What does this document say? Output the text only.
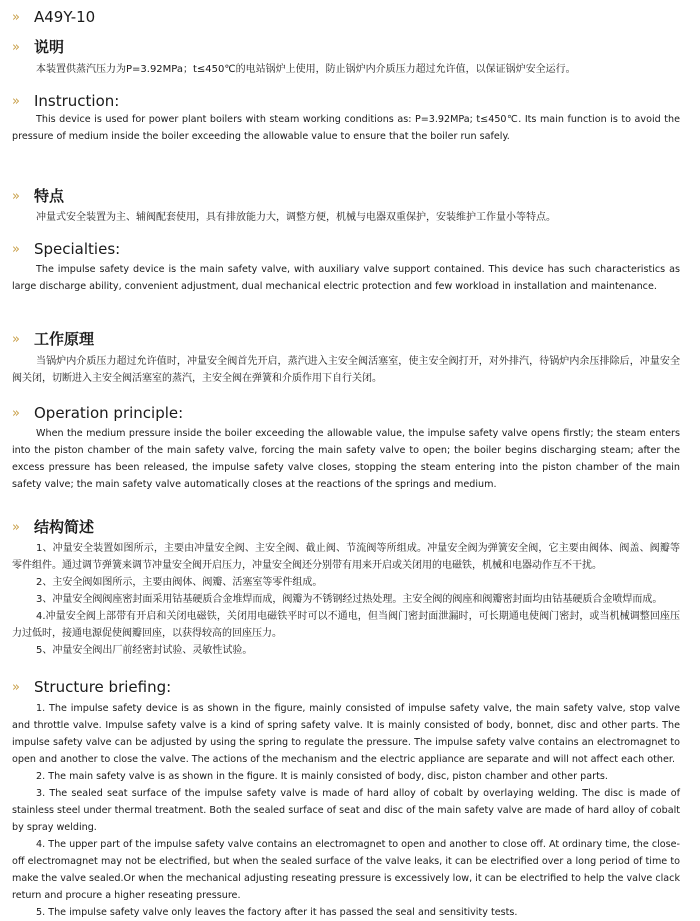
»	A49Y-10
»	说明

本装置供蒸汽压力为P=3.92MPa；t≤450℃的电站锅炉上使用，防止锅炉内介质压力超过允许值，以保证锅炉安全运行。

»	Instruction:

This device is used for power plant boilers with steam working conditions as: P=3.92MPa; t≤450℃. Its main function is to avoid the pressure of medium inside the boiler exceeding the allowable value to ensure that the boiler run safely.

»	特点

冲量式安全装置为主、辅阀配套使用，具有排放能力大，调整方便，机械与电器双重保护，安装维护工作量小等特点。

»	Specialties:

The impulse safety device is the main safety valve, with auxiliary valve support contained. This device has such characteristics as large discharge ability, convenient adjustment, dual mechanical electric protection and few workload in installation and maintenance.

»	工作原理

当锅炉内介质压力超过允许值时，冲量安全阀首先开启，蒸汽进入主安全阀活塞室，使主安全阀打开，对外排汽，待锅炉内余压排除后，冲量安全阀关闭，切断进入主安全阀活塞室的蒸汽，主安全阀在弹簧和介质作用下自行关闭。

»	Operation principle:

When the medium pressure inside the boiler exceeding the allowable value, the impulse safety valve opens firstly; the steam enters into the piston chamber of the main safety valve, forcing the main safety valve to open; the boiler begins discharging steam; after the excess pressure has been released, the impulse safety valve closes, stopping the steam entering into the piston chamber of the main safety valve; the main safety valve automatically closes at the reactions of the springs and medium.

»	结构简述
1、冲量安全装置如图所示，主要由冲量安全阀、主安全阀、截止阀、节流阀等所组成。冲量安全阀为弹簧安全阀，它主要由阀体、阀盖、阀瓣等零件组件。通过调节弹簧来调节冲量安全阀开启压力，冲量安全阀还分别带有用来开启或关闭用的电磁铁，机械和电器动作互不干扰。
2、主安全阀如图所示，主要由阀体、阀瓣、活塞室等零件组成。
3、冲量安全阀阀座密封面采用钴基硬质合金堆焊而成，阀瓣为不锈钢经过热处理。主安全阀的阀座和阀瓣密封面均由钴基硬质合金喷焊而成。
4.冲量安全阀上部带有开启和关闭电磁铁，关闭用电磁铁平时可以不通电，但当阀门密封面泄漏时，可长期通电使阀门密封，或当机械调整回座压力过低时，接通电源促使阀瓣回座，以获得较高的回座压力。
5、冲量安全阀出厂前经密封试验、灵敏性试验。
»	Structure briefing:
1. The impulse safety device is as shown in the figure, mainly consisted of impulse safety valve, the main safety valve, stop valve and throttle valve. Impulse safety valve is a kind of spring safety valve. It is mainly consisted of body, bonnet, disc and other parts. The impulse safety valve can be adjusted by using the spring to regulate the pressure. The impulse safety valve contains an electromagnet to open and another to close the valve. The actions of the mechanism and the electric appliance are separate and will not affect each other.
2. The main safety valve is as shown in the figure. It is mainly consisted of body, disc, piston chamber and other parts.
3. The sealed seat surface of the impulse safety valve is made of hard alloy of cobalt by overlaying welding. The disc is made of stainless steel under thermal treatment. Both the sealed surface of seat and disc of the main safety valve are made of hard alloy of cobalt by spray welding.
4. The upper part of the impulse safety valve contains an electromagnet to open and another to close off. At ordinary time, the close-off electromagnet may not be electrified, but when the sealed surface of the valve leaks, it can be electrified over a long period of time to make the valve sealed.Or when the mechanical adjusting reseating pressure is excessively low, it can be electrified to help the valve clack return and procure a higher reseating pressure.
5. The impulse safety valve only leaves the factory after it has passed the seal and sensitivity tests.
